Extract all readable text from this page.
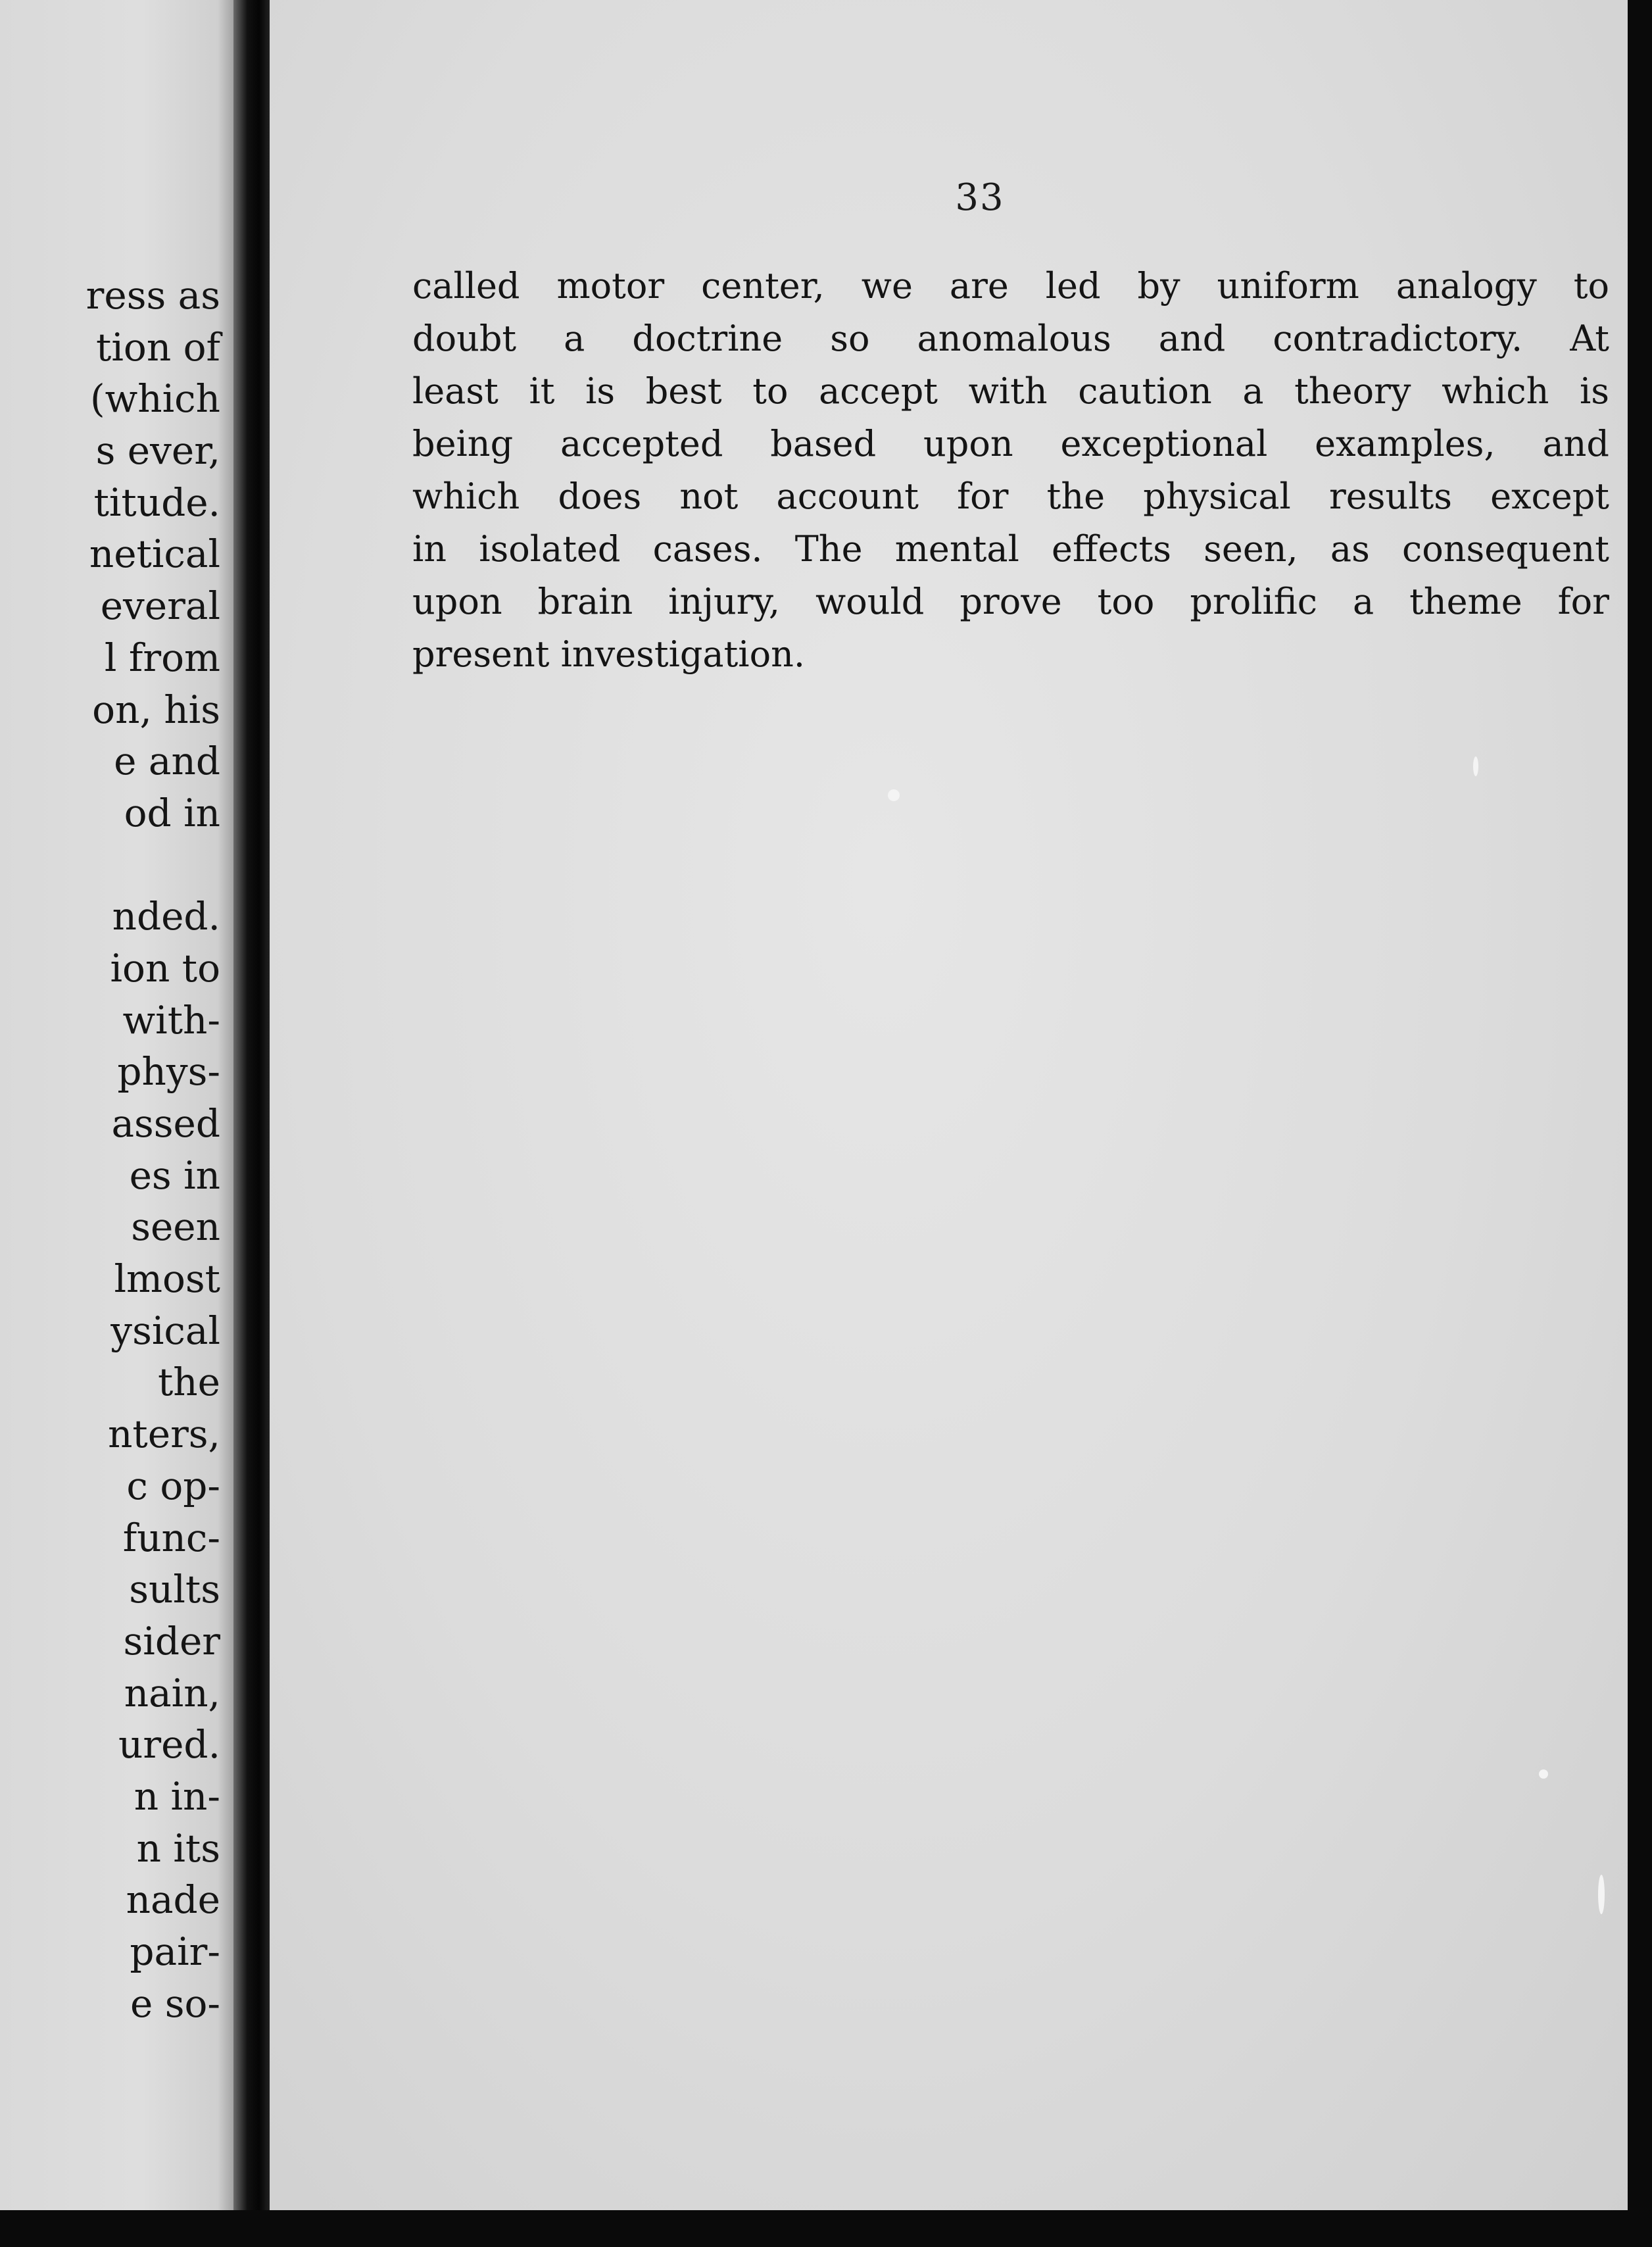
ress as
tion of
(which
s ever,
titude.
netical
everal
l from
on, his
e and
od in
nded.
ion to
with-
phys-
assed
es in
seen
lmost
ysical
the
nters,
c op-
func-
sults
sider
nain,
ured.
n in-
n its
nade
pair-
e so-
33
called motor center, we are led by uniform analogy to
doubt a doctrine so anomalous and contradictory. At
least it is best to accept with caution a theory which is
being accepted based upon exceptional examples, and
which does not account for the physical results except
in isolated cases. The mental effects seen, as consequent
upon brain injury, would prove too prolific a theme for
present investigation.
